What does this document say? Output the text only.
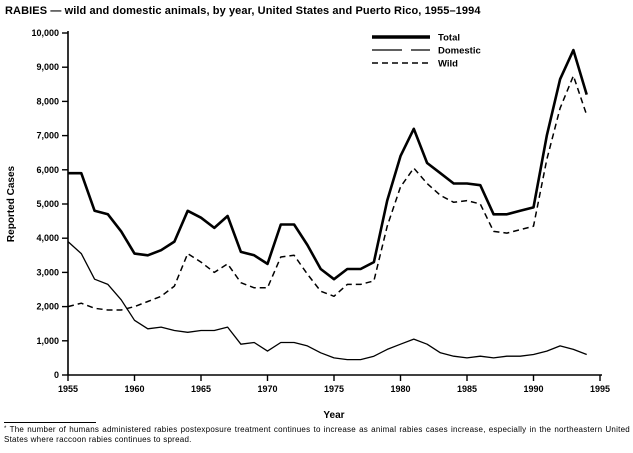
RABIES — wild and domestic animals, by year, United States and Puerto Rico, 1955–1994
0
1,000
2,000
3,000
4,000
5,000
6,000
7,000
8,000
9,000
10,000
1955	1960	1965	1970	1975	1980	1985	1990	1995
Reported Cases
Year
Total
Domestic
Wild
* The number of humans administered rabies postexposure treatment continues to increase as animal rabies cases increase, especially in the northeastern United States where raccoon rabies continues to spread.
